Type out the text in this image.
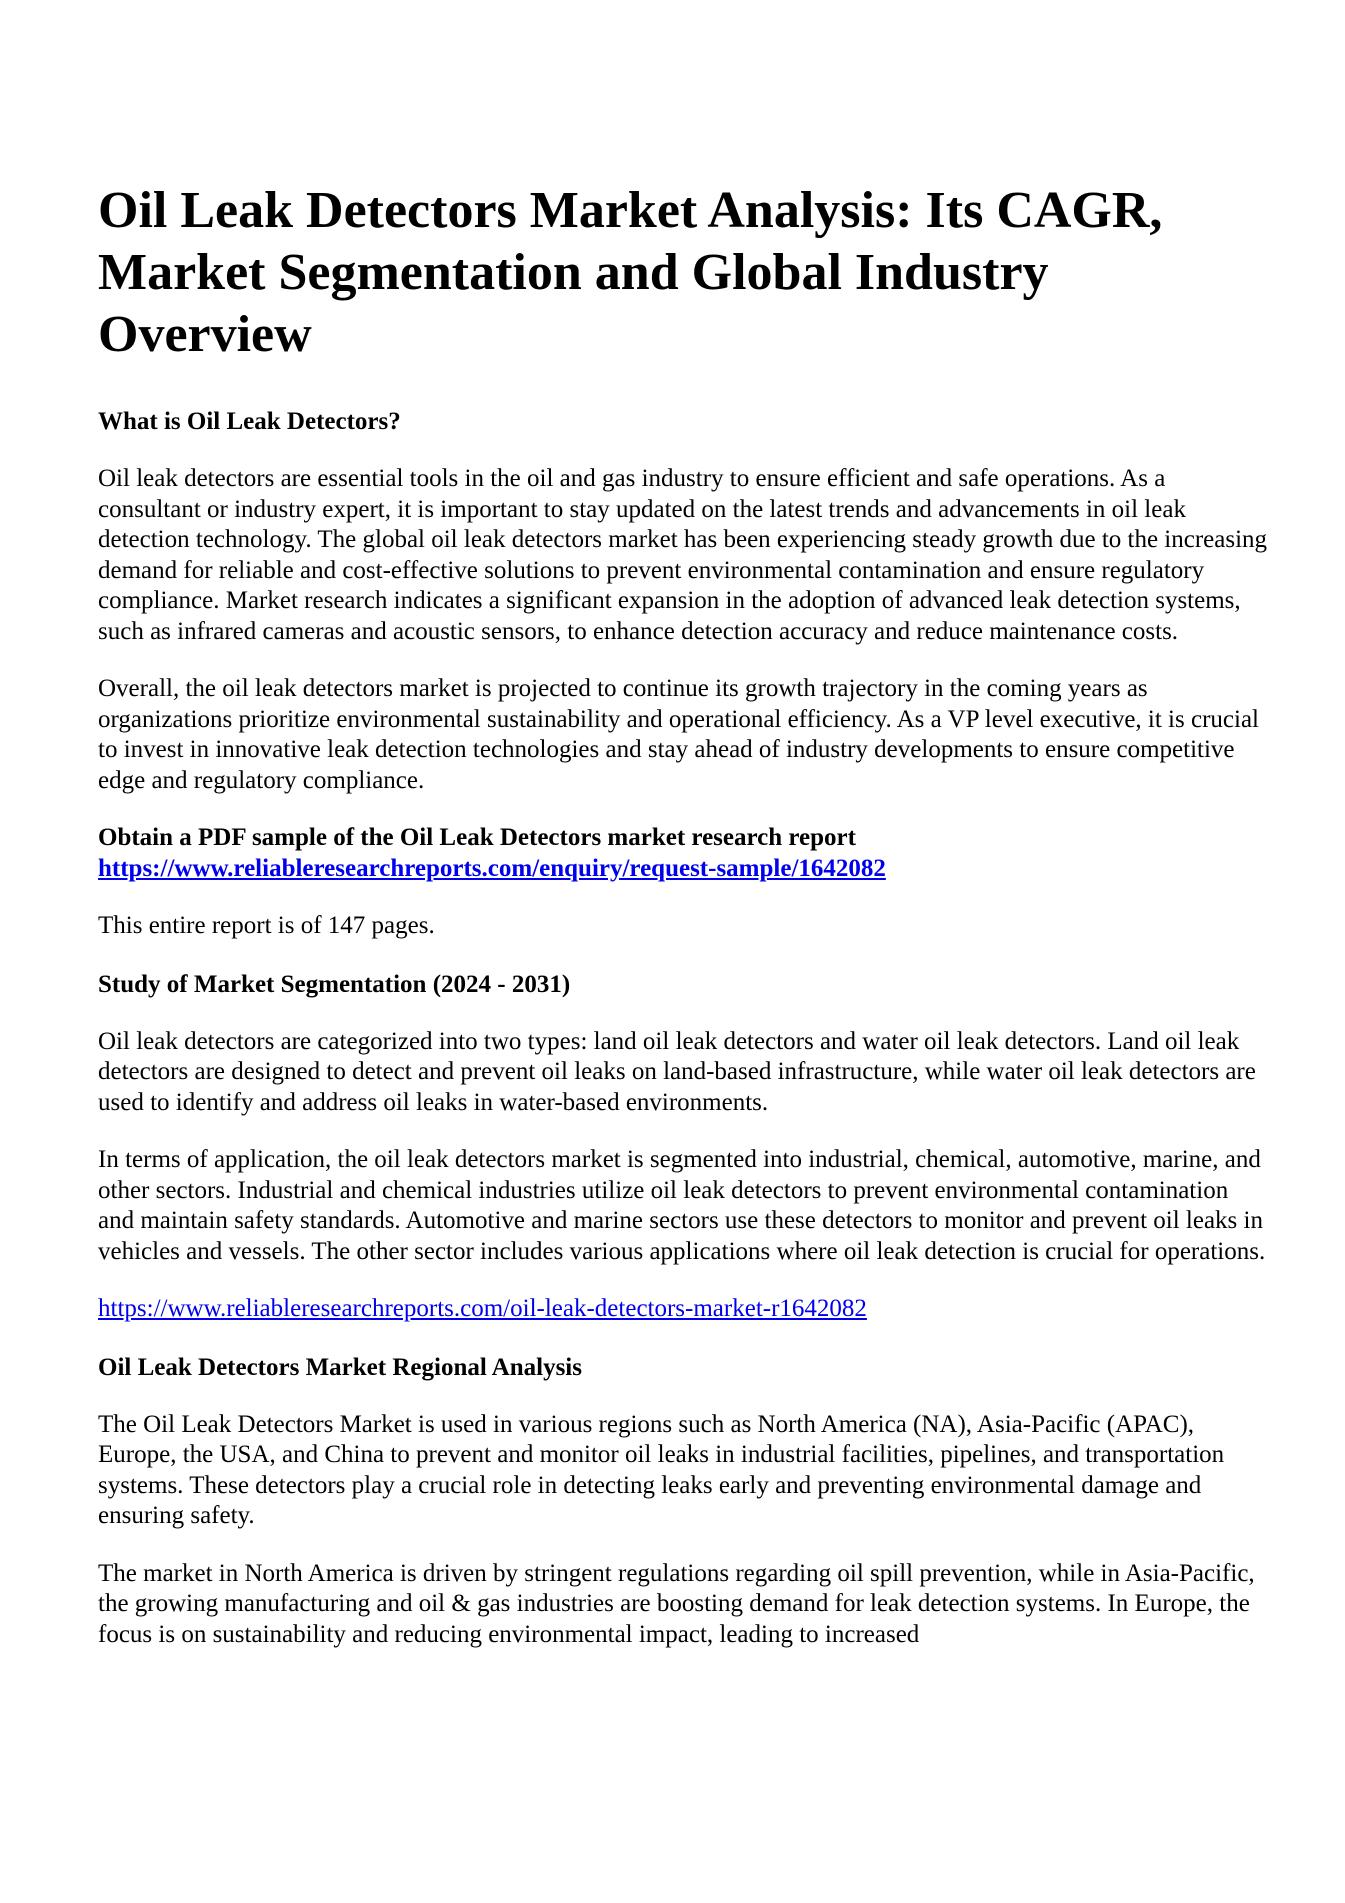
Oil Leak Detectors Market Analysis: Its CAGR, Market Segmentation and Global Industry Overview
What is Oil Leak Detectors?

Oil leak detectors are essential tools in the oil and gas industry to ensure efficient and safe operations. As a consultant or industry expert, it is important to stay updated on the latest trends and advancements in oil leak detection technology. The global oil leak detectors market has been experiencing steady growth due to the increasing demand for reliable and cost-effective solutions to prevent environmental contamination and ensure regulatory compliance. Market research indicates a significant expansion in the adoption of advanced leak detection systems, such as infrared cameras and acoustic sensors, to enhance detection accuracy and reduce maintenance costs.

Overall, the oil leak detectors market is projected to continue its growth trajectory in the coming years as organizations prioritize environmental sustainability and operational efficiency. As a VP level executive, it is crucial to invest in innovative leak detection technologies and stay ahead of industry developments to ensure competitive edge and regulatory compliance.

Obtain a PDF sample of the Oil Leak Detectors market research report https://www.reliableresearchreports.com/enquiry/request-sample/1642082

This entire report is of 147 pages.

Study of Market Segmentation (2024 - 2031)

Oil leak detectors are categorized into two types: land oil leak detectors and water oil leak detectors. Land oil leak detectors are designed to detect and prevent oil leaks on land-based infrastructure, while water oil leak detectors are used to identify and address oil leaks in water-based environments.

In terms of application, the oil leak detectors market is segmented into industrial, chemical, automotive, marine, and other sectors. Industrial and chemical industries utilize oil leak detectors to prevent environmental contamination and maintain safety standards. Automotive and marine sectors use these detectors to monitor and prevent oil leaks in vehicles and vessels. The other sector includes various applications where oil leak detection is crucial for operations.

https://www.reliableresearchreports.com/oil-leak-detectors-market-r1642082

Oil Leak Detectors Market Regional Analysis

The Oil Leak Detectors Market is used in various regions such as North America (NA), Asia-Pacific (APAC), Europe, the USA, and China to prevent and monitor oil leaks in industrial facilities, pipelines, and transportation systems. These detectors play a crucial role in detecting leaks early and preventing environmental damage and ensuring safety.

The market in North America is driven by stringent regulations regarding oil spill prevention, while in Asia-Pacific, the growing manufacturing and oil & gas industries are boosting demand for leak detection systems. In Europe, the focus is on sustainability and reducing environmental impact, leading to increased
